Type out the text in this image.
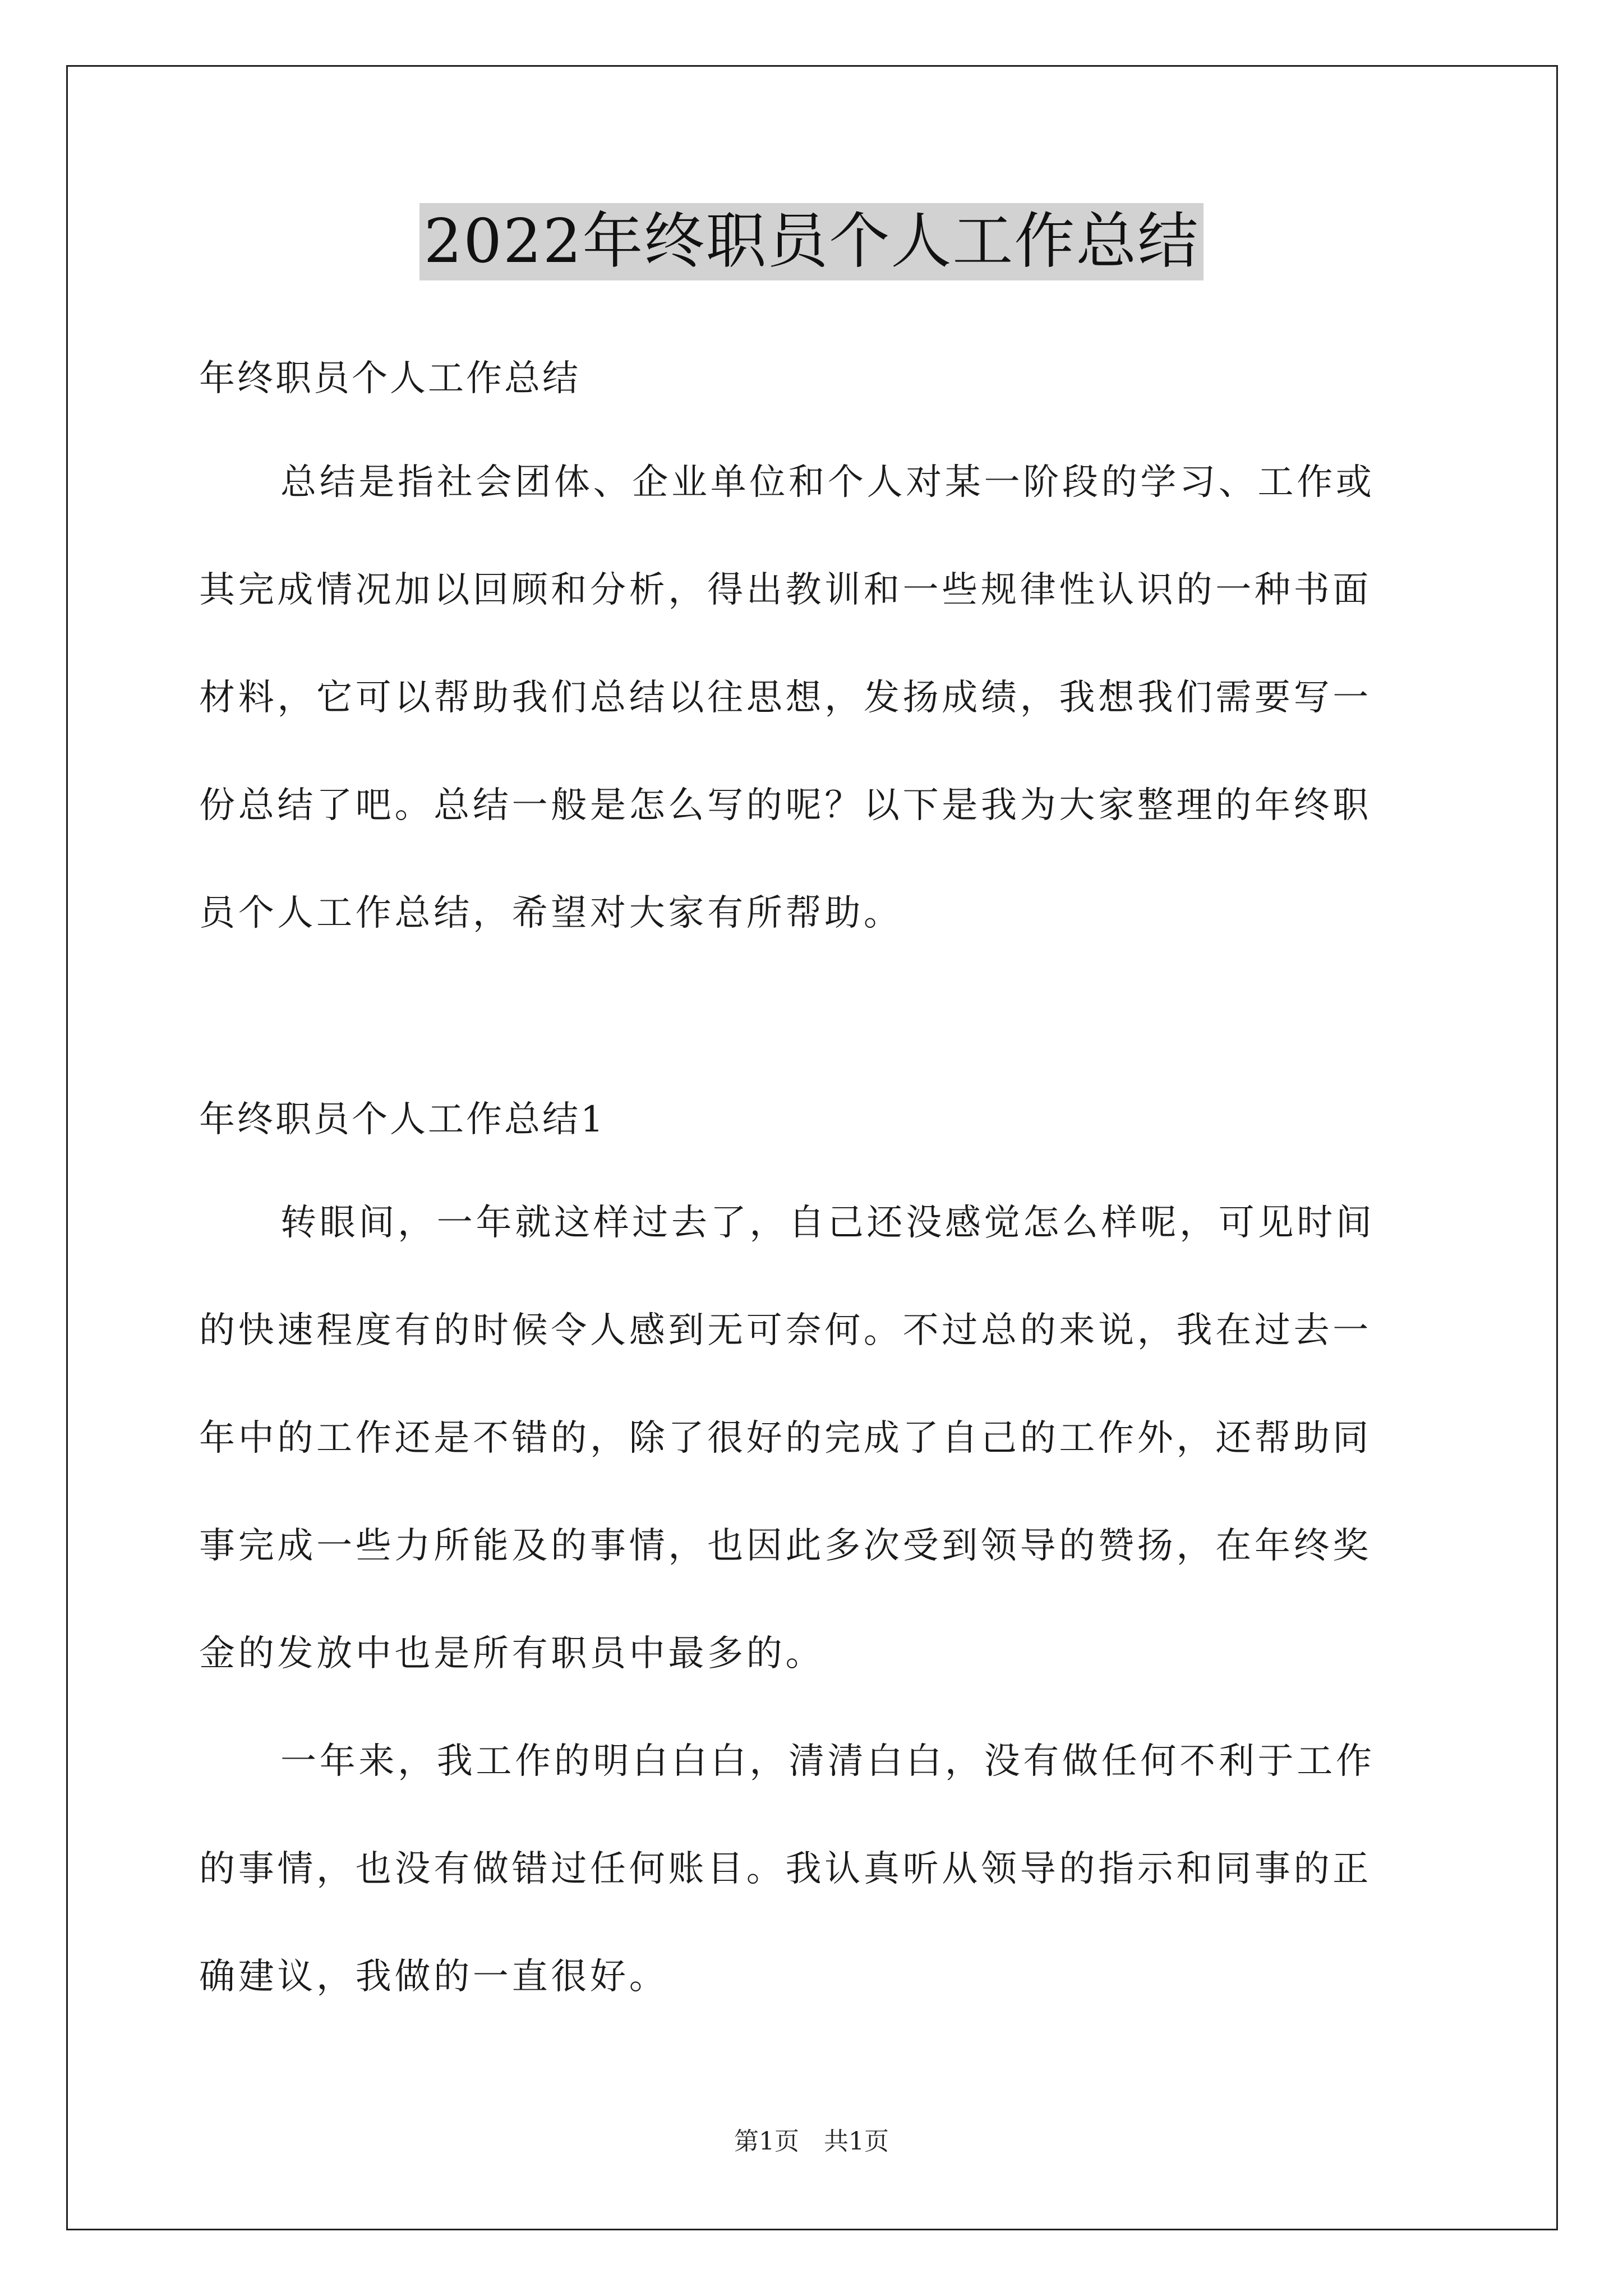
2022年终职员个人工作总结
年终职员个人工作总结
总结是指社会团体、企业单位和个人对某一阶段的学习、工作或
其完成情况加以回顾和分析，得出教训和一些规律性认识的一种书面
材料，它可以帮助我们总结以往思想，发扬成绩，我想我们需要写一
份总结了吧。总结一般是怎么写的呢？以下是我为大家整理的年终职
员个人工作总结，希望对大家有所帮助。
年终职员个人工作总结1
转眼间，一年就这样过去了，自己还没感觉怎么样呢，可见时间
的快速程度有的时候令人感到无可奈何。不过总的来说，我在过去一
年中的工作还是不错的，除了很好的完成了自己的工作外，还帮助同
事完成一些力所能及的事情，也因此多次受到领导的赞扬，在年终奖
金的发放中也是所有职员中最多的。
一年来，我工作的明白白白，清清白白，没有做任何不利于工作
的事情，也没有做错过任何账目。我认真听从领导的指示和同事的正
确建议，我做的一直很好。
第1页　共1页
